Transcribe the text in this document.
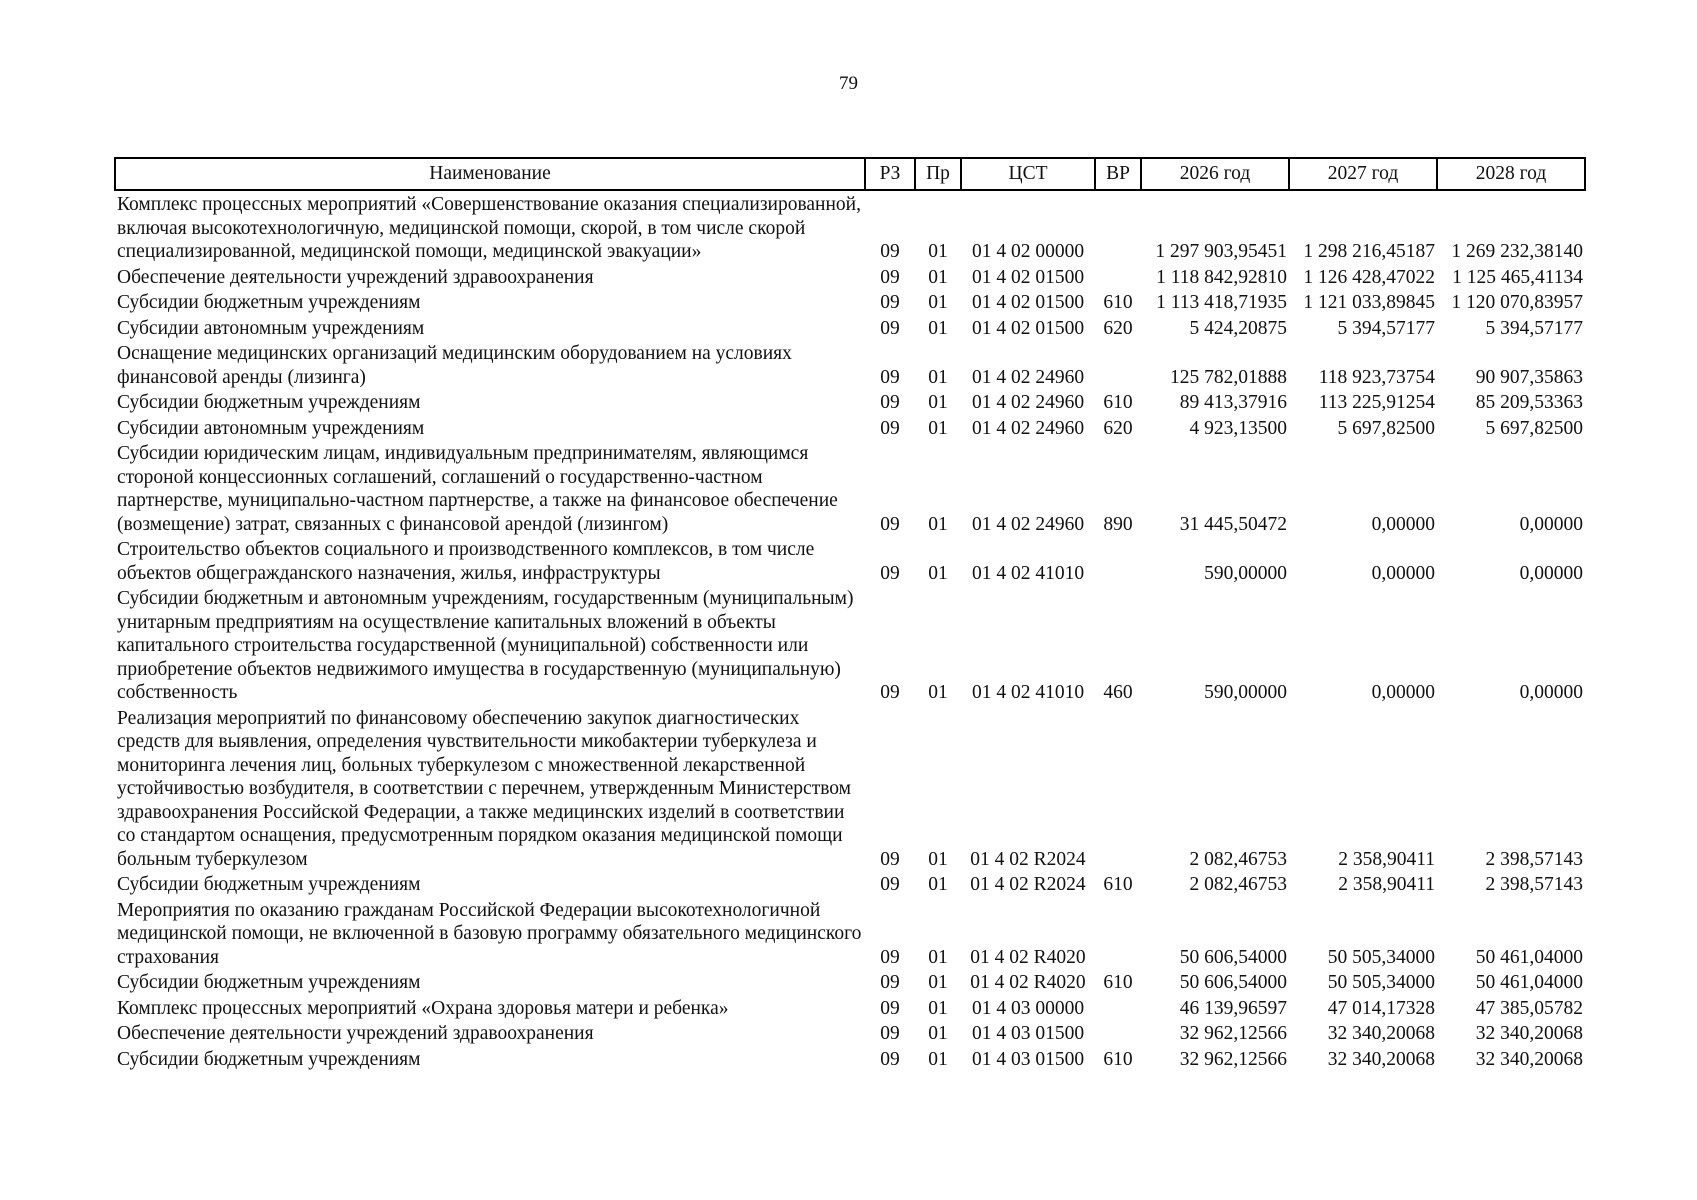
79
Наименование	РЗ	Пр	ЦСТ	ВР	2026 год	2027 год	2028 год
Комплекс процессных мероприятий «Совершенствование оказания специализированной, включая высокотехнологичную, медицинской помощи, скорой, в том числе скорой специализированной, медицинской помощи, медицинской эвакуации»	09	01	01 4 02 00000		1 297 903,95451	1 298 216,45187	1 269 232,38140
Обеспечение деятельности учреждений здравоохранения	09	01	01 4 02 01500		1 118 842,92810	1 126 428,47022	1 125 465,41134
Субсидии бюджетным учреждениям	09	01	01 4 02 01500	610	1 113 418,71935	1 121 033,89845	1 120 070,83957
Субсидии автономным учреждениям	09	01	01 4 02 01500	620	5 424,20875	5 394,57177	5 394,57177
Оснащение медицинских организаций медицинским оборудованием на условиях финансовой аренды (лизинга)	09	01	01 4 02 24960		125 782,01888	118 923,73754	90 907,35863
Субсидии бюджетным учреждениям	09	01	01 4 02 24960	610	89 413,37916	113 225,91254	85 209,53363
Субсидии автономным учреждениям	09	01	01 4 02 24960	620	4 923,13500	5 697,82500	5 697,82500
Субсидии юридическим лицам, индивидуальным предпринимателям, являющимся стороной концессионных соглашений, соглашений о государственно-частном партнерстве, муниципально-частном партнерстве, а также на финансовое обеспечение (возмещение) затрат, связанных с финансовой арендой (лизингом)	09	01	01 4 02 24960	890	31 445,50472	0,00000	0,00000
Строительство объектов социального и производственного комплексов, в том числе объектов общегражданского назначения, жилья, инфраструктуры	09	01	01 4 02 41010		590,00000	0,00000	0,00000
Субсидии бюджетным и автономным учреждениям, государственным (муниципальным) унитарным предприятиям на осуществление капитальных вложений в объекты капитального строительства государственной (муниципальной) собственности или приобретение объектов недвижимого имущества в государственную (муниципальную) собственность	09	01	01 4 02 41010	460	590,00000	0,00000	0,00000
Реализация мероприятий по финансовому обеспечению закупок диагностических средств для выявления, определения чувствительности микобактерии туберкулеза и мониторинга лечения лиц, больных туберкулезом с множественной лекарственной устойчивостью возбудителя, в соответствии с перечнем, утвержденным Министерством здравоохранения Российской Федерации, а также медицинских изделий в соответствии со стандартом оснащения, предусмотренным порядком оказания медицинской помощи больным туберкулезом	09	01	01 4 02 R2024		2 082,46753	2 358,90411	2 398,57143
Субсидии бюджетным учреждениям	09	01	01 4 02 R2024	610	2 082,46753	2 358,90411	2 398,57143
Мероприятия по оказанию гражданам Российской Федерации высокотехнологичной медицинской помощи, не включенной в базовую программу обязательного медицинского страхования	09	01	01 4 02 R4020		50 606,54000	50 505,34000	50 461,04000
Субсидии бюджетным учреждениям	09	01	01 4 02 R4020	610	50 606,54000	50 505,34000	50 461,04000
Комплекс процессных мероприятий «Охрана здоровья матери и ребенка»	09	01	01 4 03 00000		46 139,96597	47 014,17328	47 385,05782
Обеспечение деятельности учреждений здравоохранения	09	01	01 4 03 01500		32 962,12566	32 340,20068	32 340,20068
Субсидии бюджетным учреждениям	09	01	01 4 03 01500	610	32 962,12566	32 340,20068	32 340,20068
